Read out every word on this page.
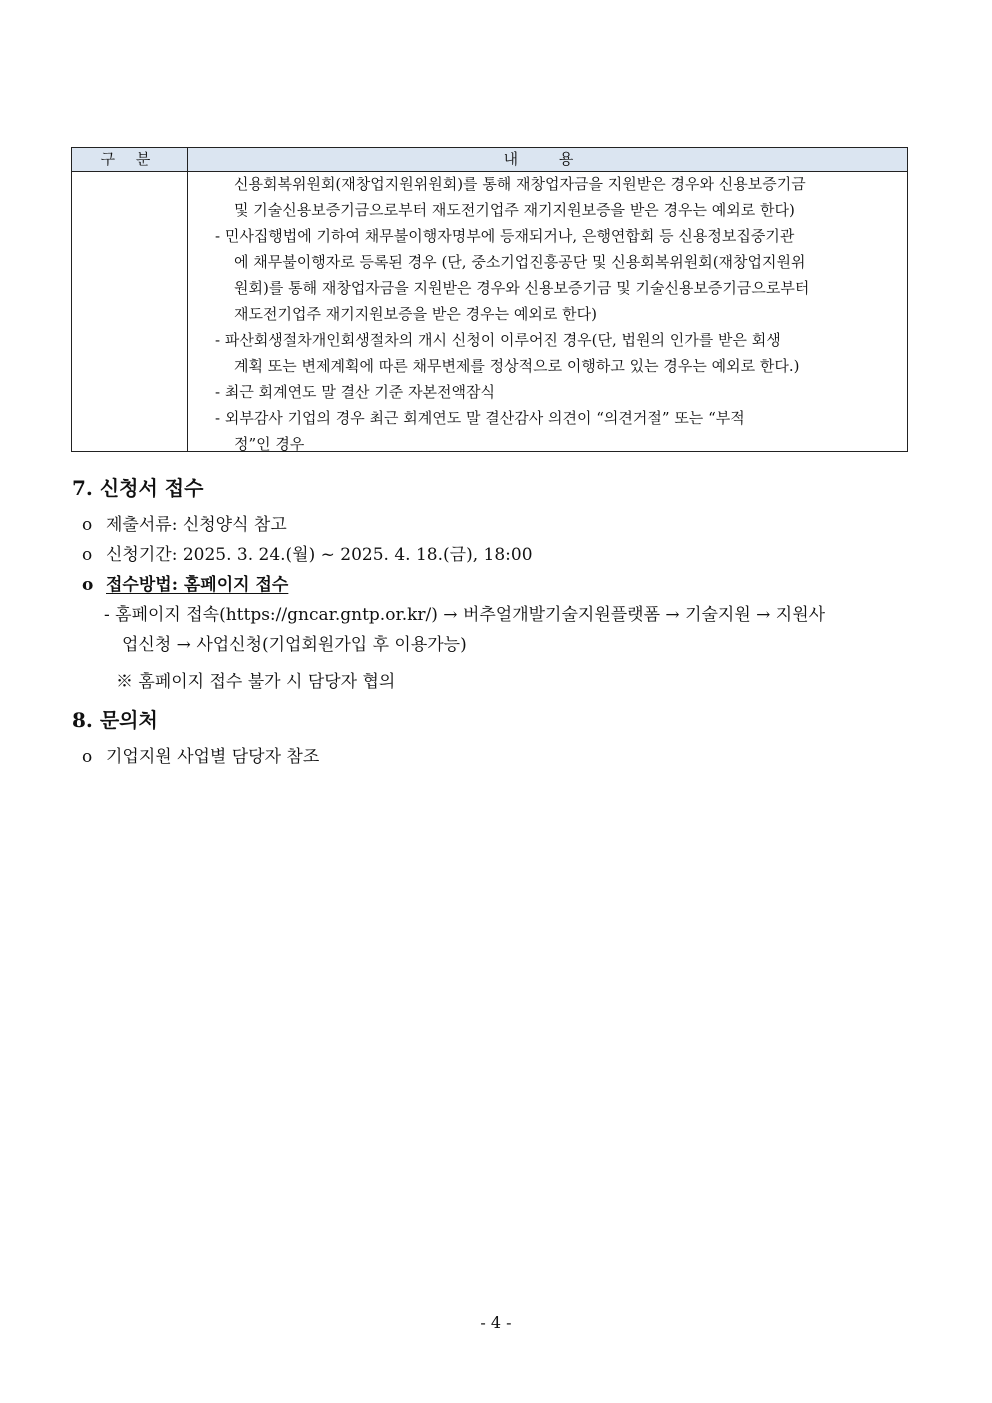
구 분	내 용
신용회복위원회(재창업지원위원회)를 통해 재창업자금을 지원받은 경우와 신용보증기금
및 기술신용보증기금으로부터 재도전기업주 재기지원보증을 받은 경우는 예외로 한다)
- 민사집행법에 기하여 채무불이행자명부에 등재되거나, 은행연합회 등 신용정보집중기관
에 채무불이행자로 등록된 경우 (단, 중소기업진흥공단 및 신용회복위원회(재창업지원위
원회)를 통해 재창업자금을 지원받은 경우와 신용보증기금 및 기술신용보증기금으로부터
재도전기업주 재기지원보증을 받은 경우는 예외로 한다)
- 파산회생절차개인회생절차의 개시 신청이 이루어진 경우(단, 법원의 인가를 받은 회생
계획 또는 변제계획에 따른 채무변제를 정상적으로 이행하고 있는 경우는 예외로 한다.)
- 최근 회계연도 말 결산 기준 자본전액잠식
- 외부감사 기업의 경우 최근 회계연도 말 결산감사 의견이 “의견거절” 또는 “부적
정”인 경우
7. 신청서 접수
o 제출서류: 신청양식 참고
o 신청기간: 2025. 3. 24.(월) ~ 2025. 4. 18.(금), 18:00
o 접수방법: 홈페이지 접수
- 홈페이지 접속(https://gncar.gntp.or.kr/) → 버추얼개발기술지원플랫폼 → 기술지원 → 지원사
업신청 → 사업신청(기업회원가입 후 이용가능)
※ 홈페이지 접수 불가 시 담당자 협의
8. 문의처
o 기업지원 사업별 담당자 참조
- 4 -
